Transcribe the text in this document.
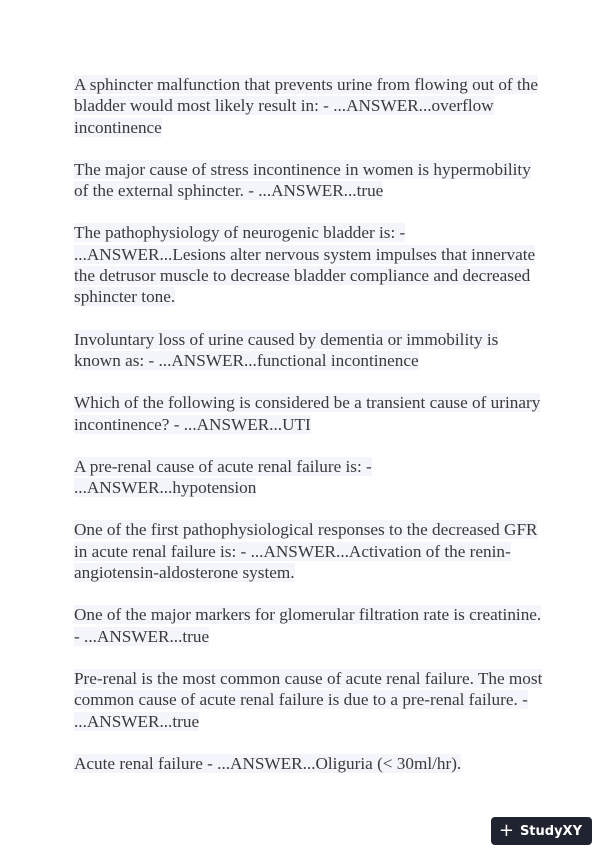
A sphincter malfunction that prevents urine from flowing out of the bladder would most likely result in: - ...ANSWER...overflow incontinence

The major cause of stress incontinence in women is hypermobility of the external sphincter. - ...ANSWER...true

The pathophysiology of neurogenic bladder is: - ...ANSWER...Lesions alter nervous system impulses that innervate the detrusor muscle to decrease bladder compliance and decreased sphincter tone.

Involuntary loss of urine caused by dementia or immobility is known as: - ...ANSWER...functional incontinence

Which of the following is considered be a transient cause of urinary incontinence? - ...ANSWER...UTI

A pre-renal cause of acute renal failure is: - ...ANSWER...hypotension

One of the first pathophysiological responses to the decreased GFR in acute renal failure is: - ...ANSWER...Activation of the renin-angiotensin-aldosterone system.

One of the major markers for glomerular filtration rate is creatinine. - ...ANSWER...true

Pre-renal is the most common cause of acute renal failure. The most common cause of acute renal failure is due to a pre-renal failure. - ...ANSWER...true

Acute renal failure - ...ANSWER...Oliguria (< 30ml/hr).

+ StudyXY
